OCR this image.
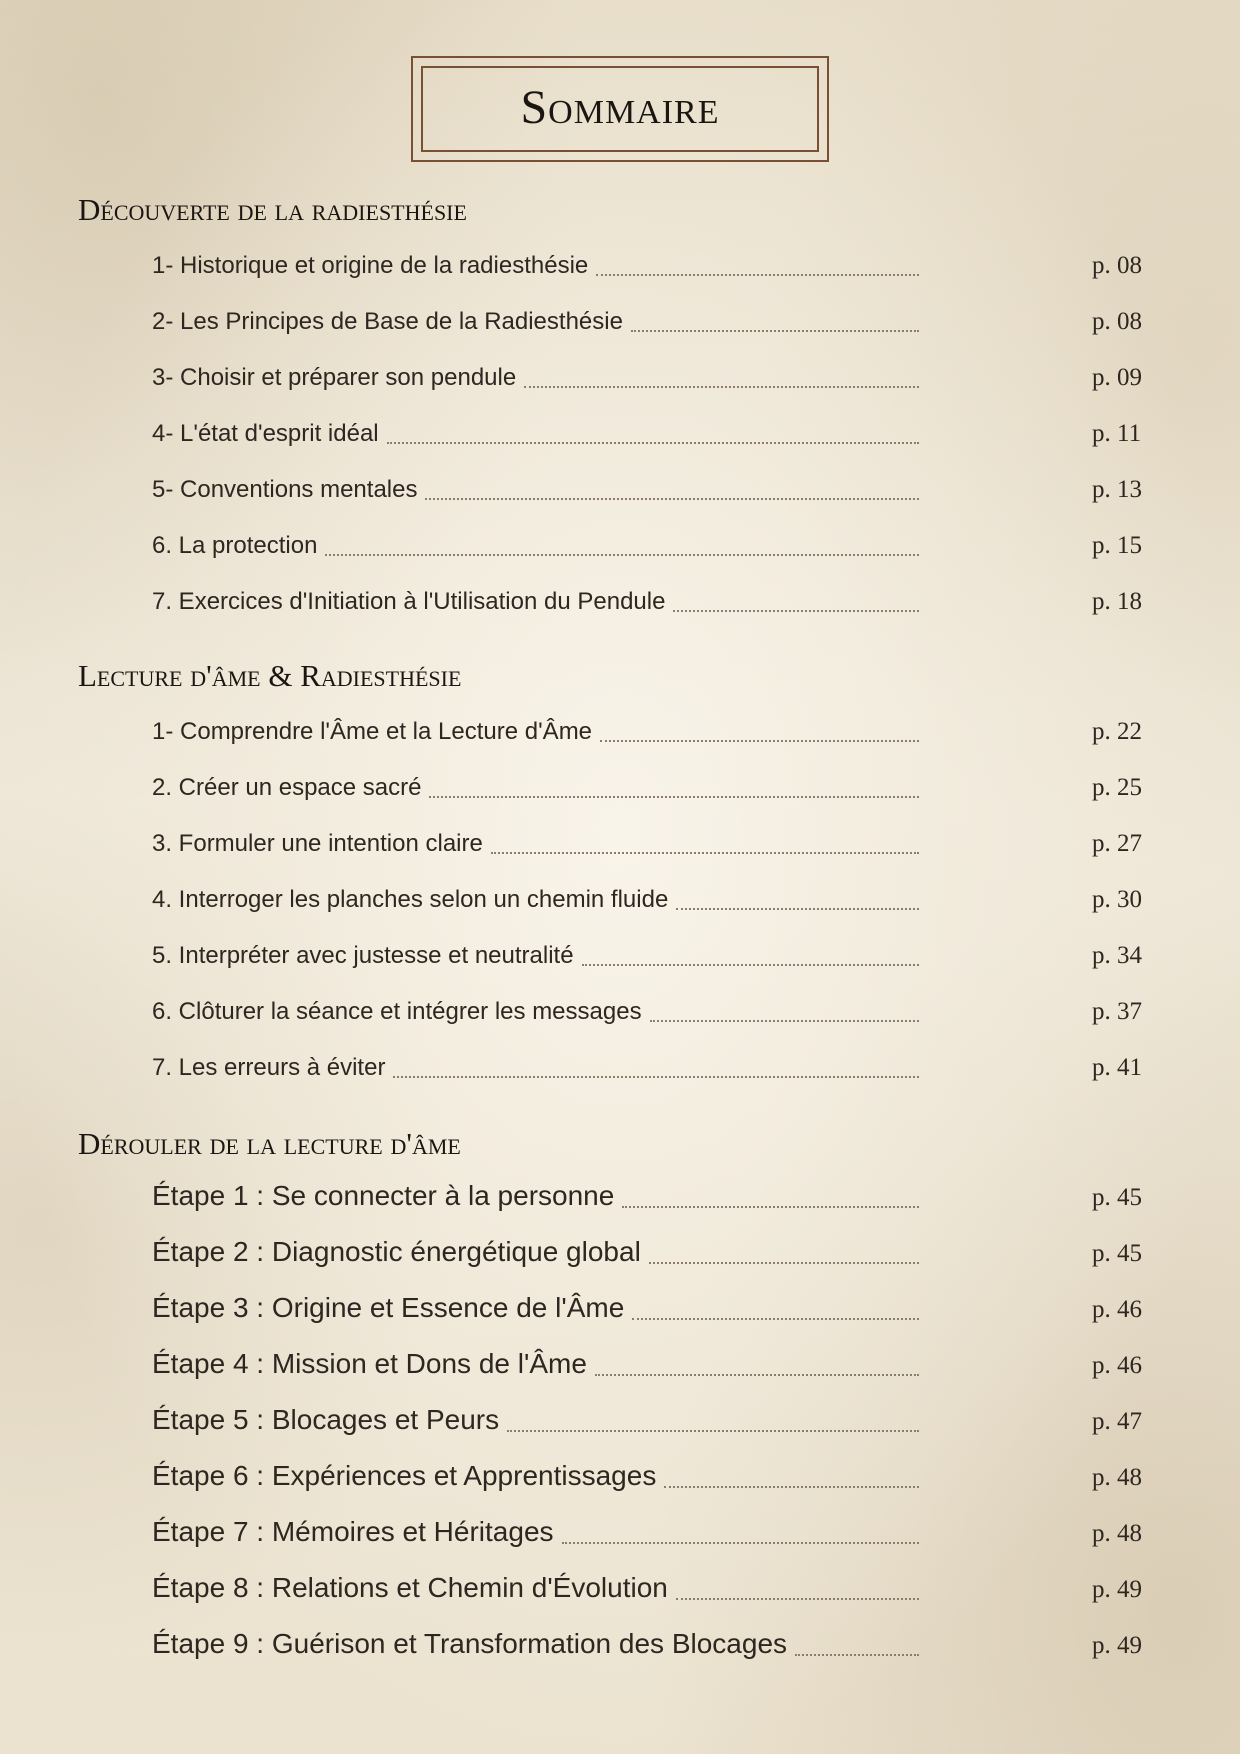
Sommaire
Découverte de la radiesthésie
1- Historique et origine de la radiesthésie	p. 08
2- Les Principes de Base de la Radiesthésie	p. 08
3- Choisir et préparer son pendule	p. 09
4- L'état d'esprit idéal	p. 11
5- Conventions mentales	p. 13
6. La protection	p. 15
7. Exercices d'Initiation à l'Utilisation du Pendule	p. 18
Lecture d'âme & Radiesthésie
1- Comprendre l'Âme et la Lecture d'Âme	p. 22
2. Créer un espace sacré	p. 25
3. Formuler une intention claire	p. 27
4. Interroger les planches selon un chemin fluide	p. 30
5. Interpréter avec justesse et neutralité	p. 34
6. Clôturer la séance et intégrer les messages	p. 37
7. Les erreurs à éviter	p. 41
Dérouler de la lecture d'âme
Étape 1 : Se connecter à la personne	p. 45
Étape 2 : Diagnostic énergétique global	p. 45
Étape 3 : Origine et Essence de l'Âme	p. 46
Étape 4 : Mission et Dons de l'Âme	p. 46
Étape 5 : Blocages et Peurs	p. 47
Étape 6 : Expériences et Apprentissages	p. 48
Étape 7 : Mémoires et Héritages	p. 48
Étape 8 : Relations et Chemin d'Évolution	p. 49
Étape 9 : Guérison et Transformation des Blocages	p. 49
